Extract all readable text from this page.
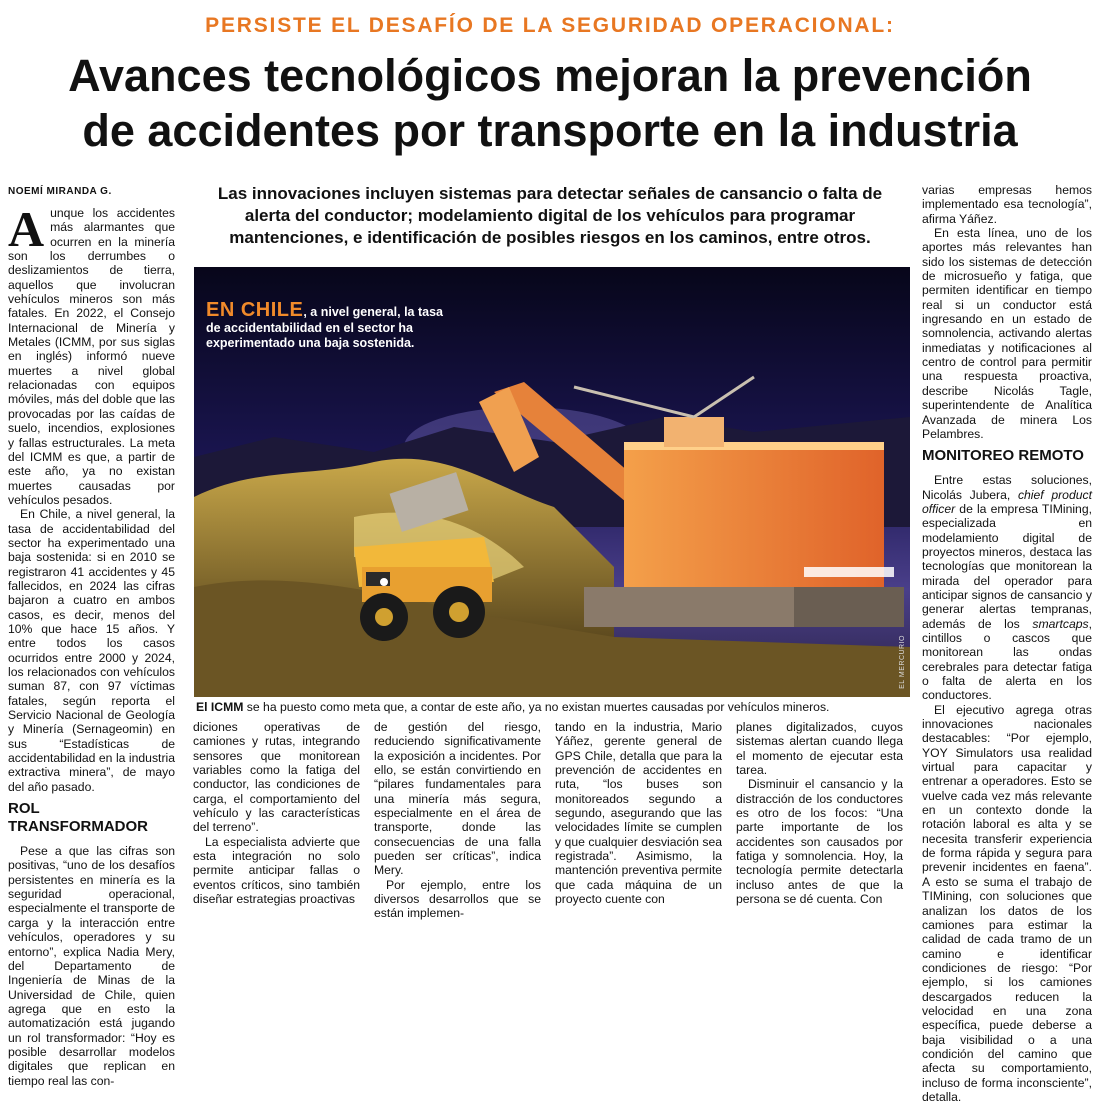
PERSISTE EL DESAFÍO DE LA SEGURIDAD OPERACIONAL:
Avances tecnológicos mejoran la prevención
de accidentes por transporte en la industria
NOEMÍ MIRANDA G.

Aunque los accidentes más alarmantes que ocurren en la minería son los derrumbes o deslizamientos de tierra, aquellos que involucran vehículos mineros son más fatales. En 2022, el Consejo Internacional de Minería y Metales (ICMM, por sus siglas en inglés) informó nueve muertes a nivel global relacionadas con equipos móviles, más del doble que las provocadas por las caídas de suelo, incendios, explosiones y fallas estructurales. La meta del ICMM es que, a partir de este año, ya no existan muertes causadas por vehículos pesados.

En Chile, a nivel general, la tasa de accidentabilidad del sector ha experimentado una baja sostenida: si en 2010 se registraron 41 accidentes y 45 fallecidos, en 2024 las cifras bajaron a cuatro en ambos casos, es decir, menos del 10% que hace 15 años. Y entre todos los casos ocurridos entre 2000 y 2024, los relacionados con vehículos suman 87, con 97 víctimas fatales, según reporta el Servicio Nacional de Geología y Minería (Sernageomin) en sus “Estadísticas de accidentabilidad en la industria extractiva minera”, de mayo del año pasado.

ROL TRANSFORMADOR

Pese a que las cifras son positivas, “uno de los desafíos persistentes en minería es la seguridad operacional, especialmente el transporte de carga y la interacción entre vehículos, operadores y su entorno”, explica Nadia Mery, del Departamento de Ingeniería de Minas de la Universidad de Chile, quien agrega que en esto la automatización está jugando un rol transformador: “Hoy es posible desarrollar modelos digitales que replican en tiempo real las con-

Las innovaciones incluyen sistemas para detectar señales de cansancio o falta de alerta del conductor; modelamiento digital de los vehículos para programar mantenciones, e identificación de posibles riesgos en los caminos, entre otros.
EN CHILE, a nivel general, la tasa de accidentabilidad en el sector ha experimentado una baja sostenida.
EL MERCURIO
El ICMM se ha puesto como meta que, a contar de este año, ya no existan muertes causadas por vehículos mineros.

diciones operativas de camiones y rutas, integrando sensores que monitorean variables como la fatiga del conductor, las condiciones de carga, el comportamiento del vehículo y las características del terreno”.

La especialista advierte que esta integración no solo permite anticipar fallas o eventos críticos, sino también diseñar estrategias proactivas

de gestión del riesgo, reduciendo significativamente la exposición a incidentes. Por ello, se están convirtiendo en “pilares fundamentales para una minería más segura, especialmente en el área de transporte, donde las consecuencias de una falla pueden ser críticas”, indica Mery.

Por ejemplo, entre los diversos desarrollos que se están implemen-

tando en la industria, Mario Yáñez, gerente general de GPS Chile, detalla que para la prevención de accidentes en ruta, “los buses son monitoreados segundo a segundo, asegurando que las velocidades límite se cumplen y que cualquier desviación sea registrada”. Asimismo, la mantención preventiva permite que cada máquina de un proyecto cuente con

planes digitalizados, cuyos sistemas alertan cuando llega el momento de ejecutar esta tarea.

Disminuir el cansancio y la distracción de los conductores es otro de los focos: “Una parte importante de los accidentes son causados por fatiga y somnolencia. Hoy, la tecnología permite detectarla incluso antes de que la persona se dé cuenta. Con

varias empresas hemos implementado esa tecnología”, afirma Yáñez.

En esta línea, uno de los aportes más relevantes han sido los sistemas de detección de microsueño y fatiga, que permiten identificar en tiempo real si un conductor está ingresando en un estado de somnolencia, activando alertas inmediatas y notificaciones al centro de control para permitir una respuesta proactiva, describe Nicolás Tagle, superintendente de Analítica Avanzada de minera Los Pelambres.

MONITOREO REMOTO

Entre estas soluciones, Nicolás Jubera, chief product officer de la empresa TIMining, especializada en modelamiento digital de proyectos mineros, destaca las tecnologías que monitorean la mirada del operador para anticipar signos de cansancio y generar alertas tempranas, además de los smartcaps, cintillos o cascos que monitorean las ondas cerebrales para detectar fatiga o falta de alerta en los conductores.

El ejecutivo agrega otras innovaciones nacionales destacables: “Por ejemplo, YOY Simulators usa realidad virtual para capacitar y entrenar a operadores. Esto se vuelve cada vez más relevante en un contexto donde la rotación laboral es alta y se necesita transferir experiencia de forma rápida y segura para prevenir incidentes en faena”. A esto se suma el trabajo de TIMining, con soluciones que analizan los datos de los camiones para estimar la calidad de cada tramo de un camino e identificar condiciones de riesgo: “Por ejemplo, si los camiones descargados reducen la velocidad en una zona específica, puede deberse a baja visibilidad o a una condición del camino que afecta su comportamiento, incluso de forma inconsciente”, detalla.
